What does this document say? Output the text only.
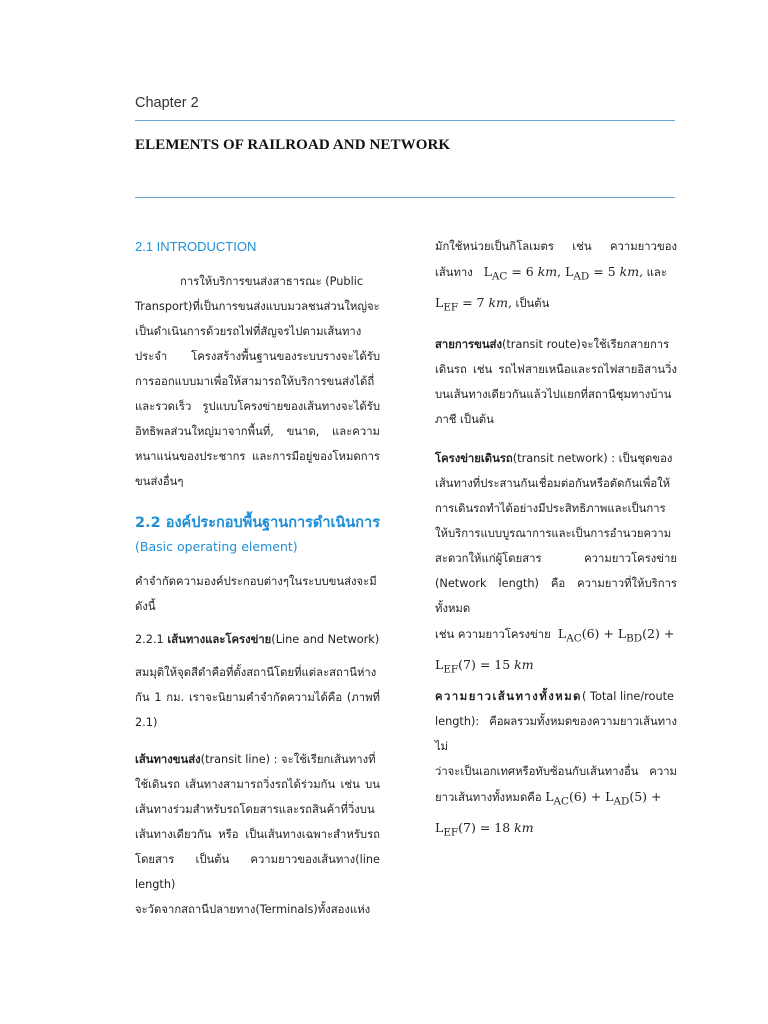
Chapter 2
ELEMENTS OF RAILROAD AND NETWORK
2.1 INTRODUCTION

การให้บริการขนส่งสาธารณะ (Public

Transport)ที่เป็นการขนส่งแบบมวลชนส่วนใหญ่จะ

เป็นดำเนินการด้วยรถไฟที่สัญจรไปตามเส้นทาง

ประจำ โครงสร้างพื้นฐานของระบบรางจะได้รับ

การออกแบบมาเพื่อให้สามารถให้บริการขนส่งได้ถี่

และรวดเร็ว รูปแบบโครงข่ายของเส้นทางจะได้รับ

อิทธิพลส่วนใหญ่มาจากพื้นที่, ขนาด, และความ

หนาแน่นของประชากร และการมีอยู่ของโหมดการ

ขนส่งอื่นๆ

2.2 องค์ประกอบพื้นฐานการดำเนินการ
(Basic operating element)

คำจำกัดความองค์ประกอบต่างๆในระบบขนส่งจะมี

ดังนี้

2.2.1 เส้นทางและโครงข่าย(Line and Network)

สมมุติให้จุดสีดำคือที่ตั้งสถานีโดยที่แต่ละสถานีห่าง

กัน 1 กม. เราจะนิยามคำจำกัดความได้คือ (ภาพที่

2.1)

เส้นทางขนส่ง(transit line) : จะใช้เรียกเส้นทางที่

ใช้เดินรถ เส้นทางสามารถวิ่งรถได้ร่วมกัน เช่น บน

เส้นทางร่วมสำหรับรถโดยสารและรถสินค้าที่วิ่งบน

เส้นทางเดียวกัน หรือ เป็นเส้นทางเฉพาะสำหรับรถ

โดยสาร เป็นต้น ความยาวของเส้นทาง(line length)

จะวัดจากสถานีปลายทาง(Terminals)ทั้งสองแห่ง

มักใช้หน่วยเป็นกิโลเมตร เช่น ความยาวของ

เส้นทาง $L_{AC} = 6$ km, $L_{AD} = 5$ km, และ

$L_{EF} = 7$ km, เป็นต้น

สายการขนส่ง(transit route)จะใช้เรียกสายการ

เดินรถ เช่น รถไฟสายเหนือและรถไฟสายอิสานวิ่ง

บนเส้นทางเดียวกันแล้วไปแยกที่สถานีชุมทางบ้าน

ภาชี เป็นต้น

โครงข่ายเดินรถ(transit network) : เป็นชุดของ

เส้นทางที่ประสานกันเชื่อมต่อกันหรือตัดกันเพื่อให้

การเดินรถทำได้อย่างมีประสิทธิภาพและเป็นการ

ให้บริการแบบบูรณาการและเป็นการอำนวยความ

สะดวกให้แก่ผู้โดยสาร ความยาวโครงข่าย

(Network length) คือ ความยาวที่ให้บริการทั้งหมด

เช่น ความยาวโครงข่าย $L_{AC}(6) + L_{BD}(2)$ +

$L_{EF}(7) = 15$ km

ความยาวเส้นทางทั้งหมด( Total line/route

length): คือผลรวมทั้งหมดของความยาวเส้นทางไม่

ว่าจะเป็นเอกเทศหรือทับซ้อนกับเส้นทางอื่น ความ

ยาวเส้นทางทั้งหมดคือ $L_{AC}(6) + L_{AD}(5)$ +

$L_{EF}(7) = 18$ km
